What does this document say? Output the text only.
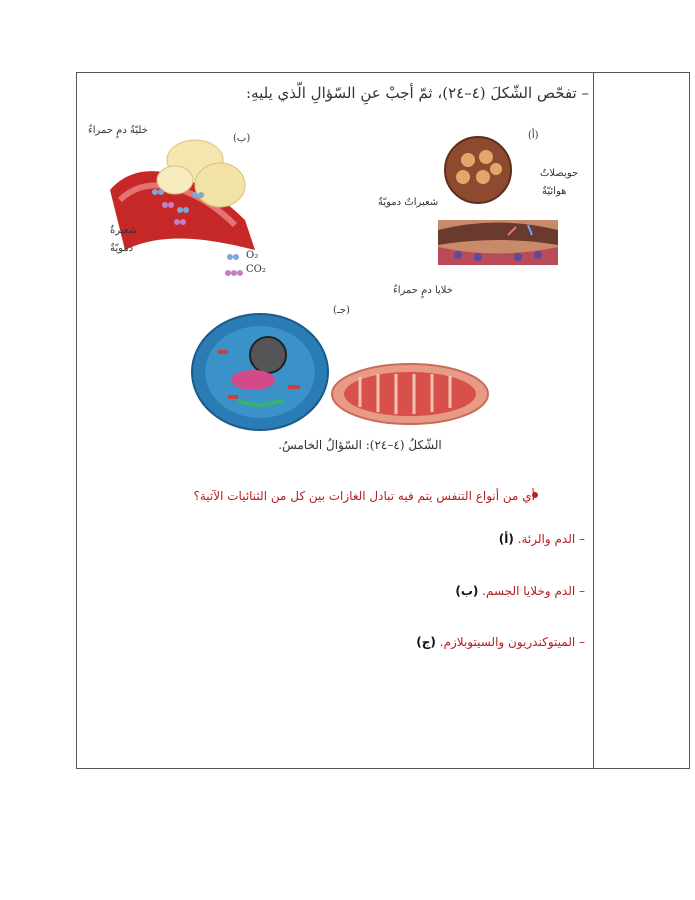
– تفحّص الشّكلَ (٤–٢٤)، ثمّ أجبْ عنِ السّؤالِ الّذي يليهِ:
خليّةُ دمٍ حمراءُ
(ب)
شعيرةٌ
دمويّةٌ
O₂
CO₂
(أ)
حويصلاتٌ
هوائيّةٌ
شعيراتٌ دمويّةٌ
خلايا دمٍ حمراءُ
(جـ)
الشّكلُ (٤–٢٤): السّؤالُ الخامسُ.
أي من أنواع التنفس يتم فيه تبادل الغازات بين كل من الثنائيات الآتية؟
– الدم والرئة. (أ)
– الدم وخلايا الجسم. (ب)
– الميتوكندريون والسيتوبلازم. (ج)
